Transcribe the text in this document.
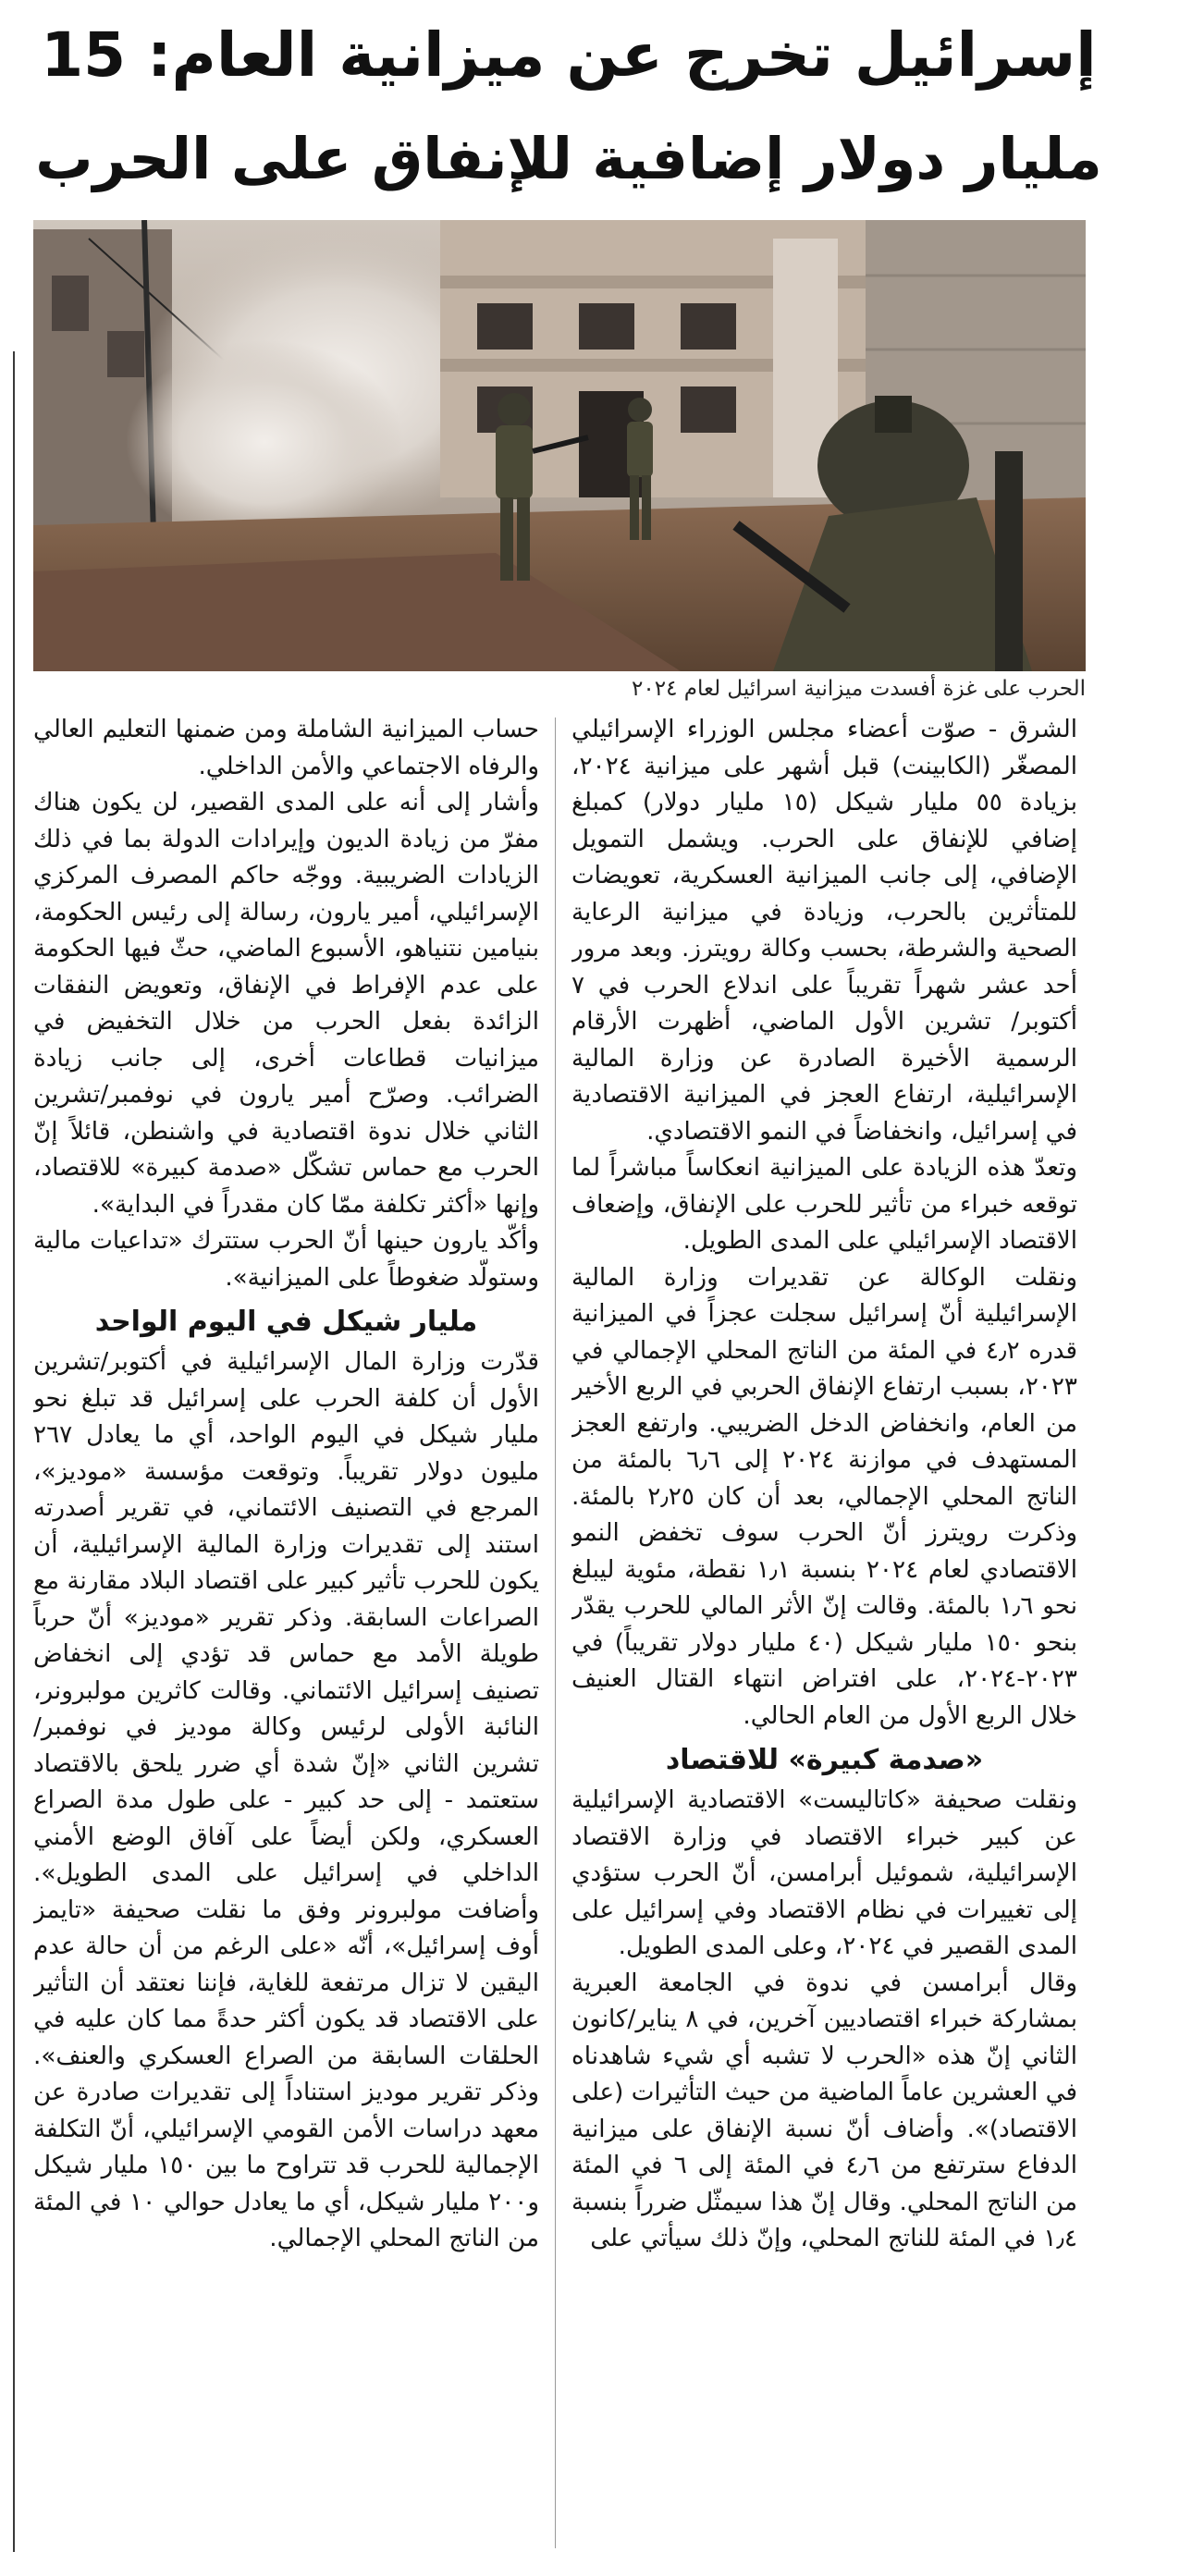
إسرائيل تخرج عن ميزانية العام: 15
مليار دولار إضافية للإنفاق على الحرب
الحرب على غزة أفسدت ميزانية اسرائيل لعام ٢٠٢٤

الشرق - صوّت أعضاء مجلس الوزراء الإسرائيلي المصغّر (الكابينت) قبل أشهر على ميزانية ٢٠٢٤، بزيادة ٥٥ مليار شيكل (١٥ مليار دولار) كمبلغ إضافي للإنفاق على الحرب. ويشمل التمويل الإضافي، إلى جانب الميزانية العسكرية، تعويضات للمتأثرين بالحرب، وزيادة في ميزانية الرعاية الصحية والشرطة، بحسب وكالة رويترز. وبعد مرور أحد عشر شهراً تقريباً على اندلاع الحرب في ٧ أكتوبر/ تشرين الأول الماضي، أظهرت الأرقام الرسمية الأخيرة الصادرة عن وزارة المالية الإسرائيلية، ارتفاع العجز في الميزانية الاقتصادية في إسرائيل، وانخفاضاً في النمو الاقتصادي.

وتعدّ هذه الزيادة على الميزانية انعكاساً مباشراً لما توقعه خبراء من تأثير للحرب على الإنفاق، وإضعاف الاقتصاد الإسرائيلي على المدى الطويل.

ونقلت الوكالة عن تقديرات وزارة المالية الإسرائيلية أنّ إسرائيل سجلت عجزاً في الميزانية قدره ٤٫٢ في المئة من الناتج المحلي الإجمالي في ٢٠٢٣، بسبب ارتفاع الإنفاق الحربي في الربع الأخير من العام، وانخفاض الدخل الضريبي. وارتفع العجز المستهدف في موازنة ٢٠٢٤ إلى ٦٫٦ بالمئة من الناتج المحلي الإجمالي، بعد أن كان ٢٫٢٥ بالمئة. وذكرت رويترز أنّ الحرب سوف تخفض النمو الاقتصادي لعام ٢٠٢٤ بنسبة ١٫١ نقطة، مئوية ليبلغ نحو ١٫٦ بالمئة. وقالت إنّ الأثر المالي للحرب يقدّر بنحو ١٥٠ مليار شيكل (٤٠ مليار دولار تقريباً) في ٢٠٢٣-٢٠٢٤، على افتراض انتهاء القتال العنيف خلال الربع الأول من العام الحالي.

«صدمة كبيرة» للاقتصاد

ونقلت صحيفة «كاتاليست» الاقتصادية الإسرائيلية عن كبير خبراء الاقتصاد في وزارة الاقتصاد الإسرائيلية، شموئيل أبرامسن، أنّ الحرب ستؤدي إلى تغييرات في نظام الاقتصاد وفي إسرائيل على المدى القصير في ٢٠٢٤، وعلى المدى الطويل.

وقال أبرامسن في ندوة في الجامعة العبرية بمشاركة خبراء اقتصاديين آخرين، في ٨ يناير/كانون الثاني إنّ هذه «الحرب لا تشبه أي شيء شاهدناه في العشرين عاماً الماضية من حيث التأثيرات (على الاقتصاد)». وأضاف أنّ نسبة الإنفاق على ميزانية الدفاع سترتفع من ٤٫٦ في المئة إلى ٦ في المئة من الناتج المحلي. وقال إنّ هذا سيمثّل ضرراً بنسبة ١٫٤ في المئة للناتج المحلي، وإنّ ذلك سيأتي على

حساب الميزانية الشاملة ومن ضمنها التعليم العالي والرفاه الاجتماعي والأمن الداخلي.

وأشار إلى أنه على المدى القصير، لن يكون هناك مفرّ من زيادة الديون وإيرادات الدولة بما في ذلك الزيادات الضريبية. ووجّه حاكم المصرف المركزي الإسرائيلي، أمير يارون، رسالة إلى رئيس الحكومة، بنيامين نتنياهو، الأسبوع الماضي، حثّ فيها الحكومة على عدم الإفراط في الإنفاق، وتعويض النفقات الزائدة بفعل الحرب من خلال التخفيض في ميزانيات قطاعات أخرى، إلى جانب زيادة الضرائب. وصرّح أمير يارون في نوفمبر/تشرين الثاني خلال ندوة اقتصادية في واشنطن، قائلاً إنّ الحرب مع حماس تشكّل «صدمة كبيرة» للاقتصاد، وإنها «أكثر تكلفة ممّا كان مقدراً في البداية».

وأكّد يارون حينها أنّ الحرب ستترك «تداعيات مالية وستولّد ضغوطاً على الميزانية».

مليار شيكل في اليوم الواحد

قدّرت وزارة المال الإسرائيلية في أكتوبر/تشرين الأول أن كلفة الحرب على إسرائيل قد تبلغ نحو مليار شيكل في اليوم الواحد، أي ما يعادل ٢٦٧ مليون دولار تقريباً. وتوقعت مؤسسة «موديز»، المرجع في التصنيف الائتماني، في تقرير أصدرته استند إلى تقديرات وزارة المالية الإسرائيلية، أن يكون للحرب تأثير كبير على اقتصاد البلاد مقارنة مع الصراعات السابقة. وذكر تقرير «موديز» أنّ حرباً طويلة الأمد مع حماس قد تؤدي إلى انخفاض تصنيف إسرائيل الائتماني. وقالت كاثرين مولبرونر، النائبة الأولى لرئيس وكالة موديز في نوفمبر/تشرين الثاني «إنّ شدة أي ضرر يلحق بالاقتصاد ستعتمد - إلى حد كبير - على طول مدة الصراع العسكري، ولكن أيضاً على آفاق الوضع الأمني الداخلي في إسرائيل على المدى الطويل». وأضافت مولبرونر وفق ما نقلت صحيفة «تايمز أوف إسرائيل»، أنّه «على الرغم من أن حالة عدم اليقين لا تزال مرتفعة للغاية، فإننا نعتقد أن التأثير على الاقتصاد قد يكون أكثر حدةً مما كان عليه في الحلقات السابقة من الصراع العسكري والعنف». وذكر تقرير موديز استناداً إلى تقديرات صادرة عن معهد دراسات الأمن القومي الإسرائيلي، أنّ التكلفة الإجمالية للحرب قد تتراوح ما بين ١٥٠ مليار شيكل و٢٠٠ مليار شيكل، أي ما يعادل حوالي ١٠ في المئة من الناتج المحلي الإجمالي.
